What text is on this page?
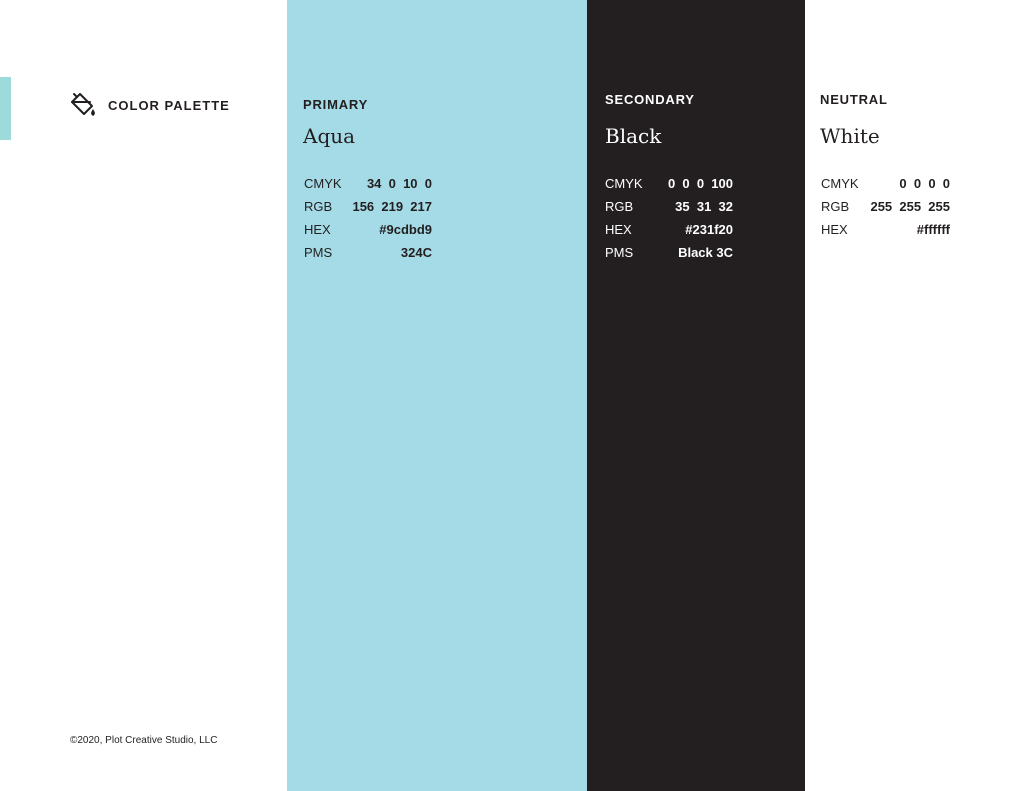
COLOR PALETTE
©2020, Plot Creative Studio, LLC
PRIMARY
Aqua
CMYK	34  0  10  0
RGB	156  219  217
HEX	#9cdbd9
PMS	324C
SECONDARY
Black
CMYK	0  0  0  100
RGB	35  31  32
HEX	#231f20
PMS	Black 3C
NEUTRAL
White
CMYK	0  0  0  0
RGB	255  255  255
HEX	#ffffff
